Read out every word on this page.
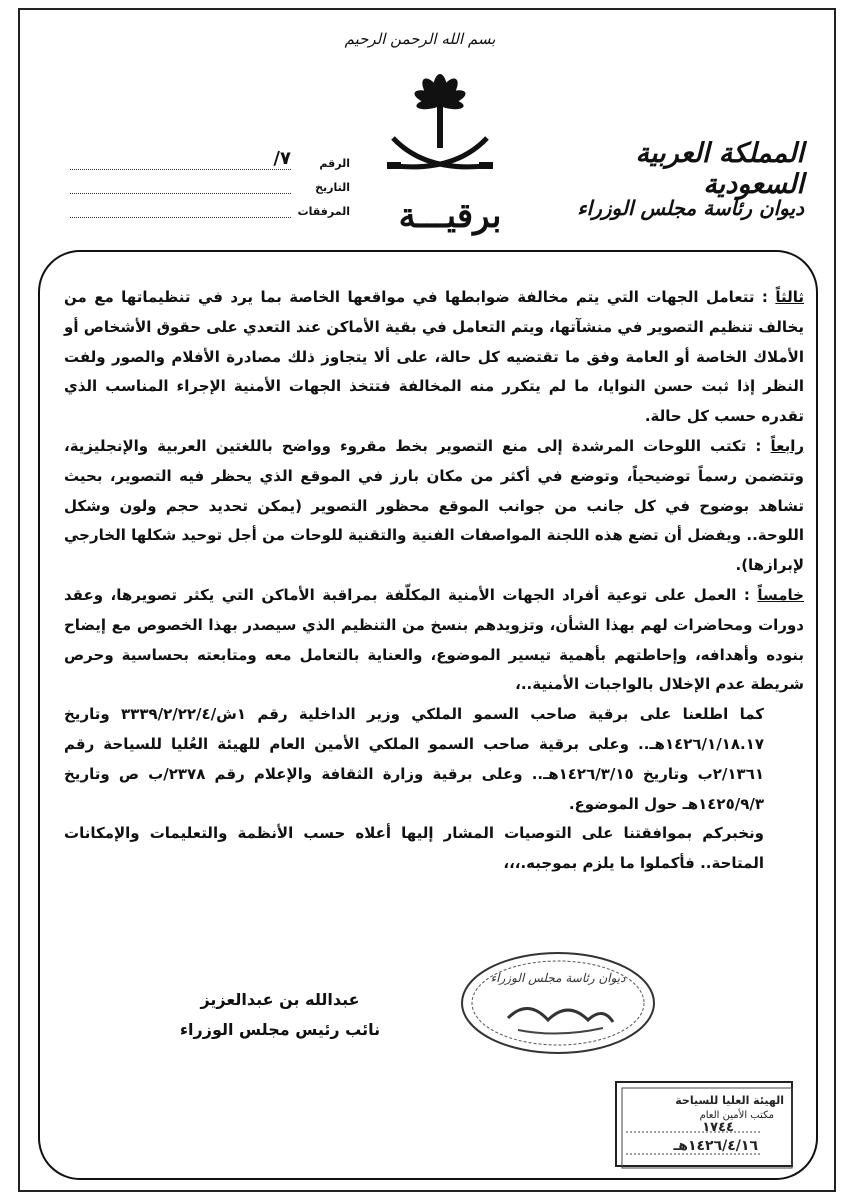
بسم الله الرحمن الرحيم
المملكة العربية السعودية
ديوان رئاسة مجلس الوزراء
برقيـــة
الرقم
٧/
التاريخ
المرفقات

ثالثاً : تتعامل الجهات التي يتم مخالفة ضوابطها في مواقعها الخاصة بما يرد في تنظيماتها مع من يخالف تنظيم التصوير في منشآتها، ويتم التعامل في بقية الأماكن عند التعدي على حقوق الأشخاص أو الأملاك الخاصة أو العامة وفق ما تقتضيه كل حالة، على ألا يتجاوز ذلك مصادرة الأفلام والصور ولفت النظر إذا ثبت حسن النوايا، ما لم يتكرر منه المخالفة فتتخذ الجهات الأمنية الإجراء المناسب الذي تقدره حسب كل حالة.

رابعاً : تكتب اللوحات المرشدة إلى منع التصوير بخط مقروء وواضح باللغتين العربية والإنجليزية، وتتضمن رسماً توضيحياً، وتوضع في أكثر من مكان بارز في الموقع الذي يحظر فيه التصوير، بحيث تشاهد بوضوح في كل جانب من جوانب الموقع محظور التصوير (يمكن تحديد حجم ولون وشكل اللوحة.. ويفضل أن تضع هذه اللجنة المواصفات الفنية والتقنية للوحات من أجل توحيد شكلها الخارجي لإبرازها).

خامساً : العمل على توعية أفراد الجهات الأمنية المكلّفة بمراقبة الأماكن التي يكثر تصويرها، وعقد دورات ومحاضرات لهم بهذا الشأن، وتزويدهم بنسخ من التنظيم الذي سيصدر بهذا الخصوص مع إيضاح بنوده وأهدافه، وإحاطتهم بأهمية تيسير الموضوع، والعناية بالتعامل معه ومتابعته بحساسية وحرص شريطة عدم الإخلال بالواجبات الأمنية..،

كما اطلعنا على برقية صاحب السمو الملكي وزير الداخلية رقم ١ش/٣٣٣٩/٢/٢٢/٤ وتاريخ ١٤٢٦/١/١٨.١٧هـ.. وعلى برقية صاحب السمو الملكي الأمين العام للهيئة العُليا للسياحة رقم ٢/١٣٦١ب وتاريخ ١٤٢٦/٣/١٥هـ.. وعلى برقية وزارة الثقافة والإعلام رقم ٢٣٧٨/ب ص وتاريخ ١٤٢٥/٩/٣هـ حول الموضوع.

ونخبركم بموافقتنا على التوصيات المشار إليها أعلاه حسب الأنظمة والتعليمات والإمكانات المتاحة.. فأكملوا ما يلزم بموجبه.،،،

عبدالله بن عبدالعزيز
نائب رئيس مجلس الوزراء
ديوان رئاسة مجلس الوزراء
الهيئة العليا للسياحة
مكتب الأمين العام
١٧٤٤
١٤٢٦/٤/١٦هـ
